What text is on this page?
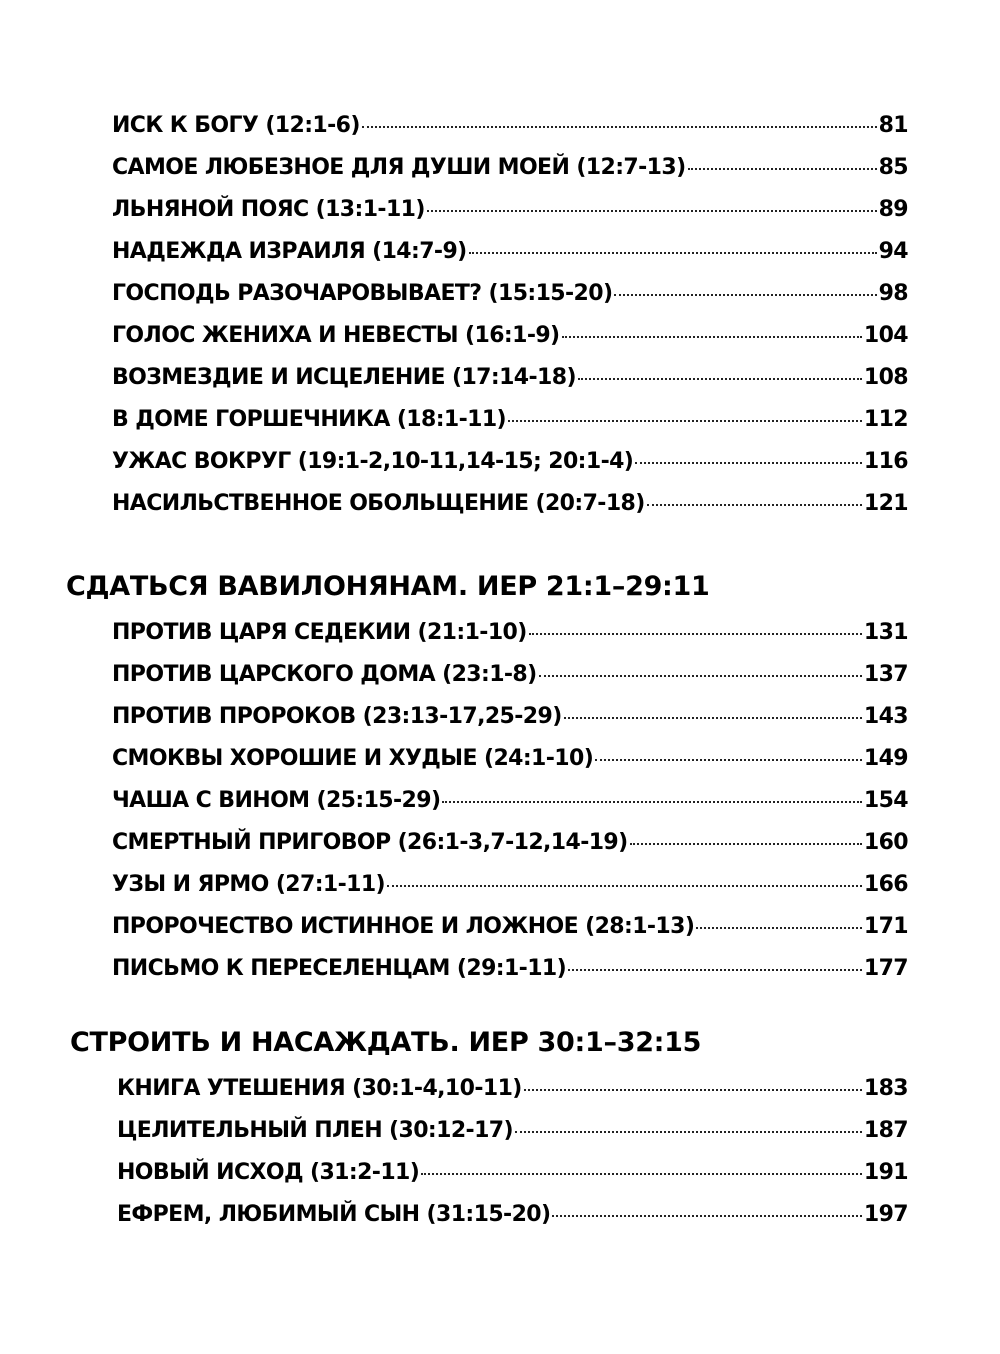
ИСК К БОГУ (12:1-6)	81
САМОЕ ЛЮБЕЗНОЕ ДЛЯ ДУШИ МОЕЙ (12:7-13)	85
ЛЬНЯНОЙ ПОЯС (13:1-11)	89
НАДЕЖДА ИЗРАИЛЯ (14:7-9)	94
ГОСПОДЬ РАЗОЧАРОВЫВАЕТ? (15:15-20)	98
ГОЛОС ЖЕНИХА И НЕВЕСТЫ (16:1-9)	104
ВОЗМЕЗДИЕ И ИСЦЕЛЕНИЕ (17:14-18)	108
В ДОМЕ ГОРШЕЧНИКА (18:1-11)	112
УЖАС ВОКРУГ (19:1-2,10-11,14-15; 20:1-4)	116
НАСИЛЬСТВЕННОЕ ОБОЛЬЩЕНИЕ (20:7-18)	121
СДАТЬСЯ ВАВИЛОНЯНАМ. ИЕР 21:1–29:11
ПРОТИВ ЦАРЯ СЕДЕКИИ (21:1-10)	131
ПРОТИВ ЦАРСКОГО ДОМА (23:1-8)	137
ПРОТИВ ПРОРОКОВ (23:13-17,25-29)	143
СМОКВЫ ХОРОШИЕ И ХУДЫЕ (24:1-10)	149
ЧАША С ВИНОМ (25:15-29)	154
СМЕРТНЫЙ ПРИГОВОР (26:1-3,7-12,14-19)	160
УЗЫ И ЯРМО (27:1-11)	166
ПРОРОЧЕСТВО ИСТИННОЕ И ЛОЖНОЕ (28:1-13)	171
ПИСЬМО К ПЕРЕСЕЛЕНЦАМ (29:1-11)	177
СТРОИТЬ И НАСАЖДАТЬ. ИЕР 30:1–32:15
КНИГА УТЕШЕНИЯ (30:1-4,10-11)	183
ЦЕЛИТЕЛЬНЫЙ ПЛЕН (30:12-17)	187
НОВЫЙ ИСХОД (31:2-11)	191
ЕФРЕМ, ЛЮБИМЫЙ СЫН (31:15-20)	197
